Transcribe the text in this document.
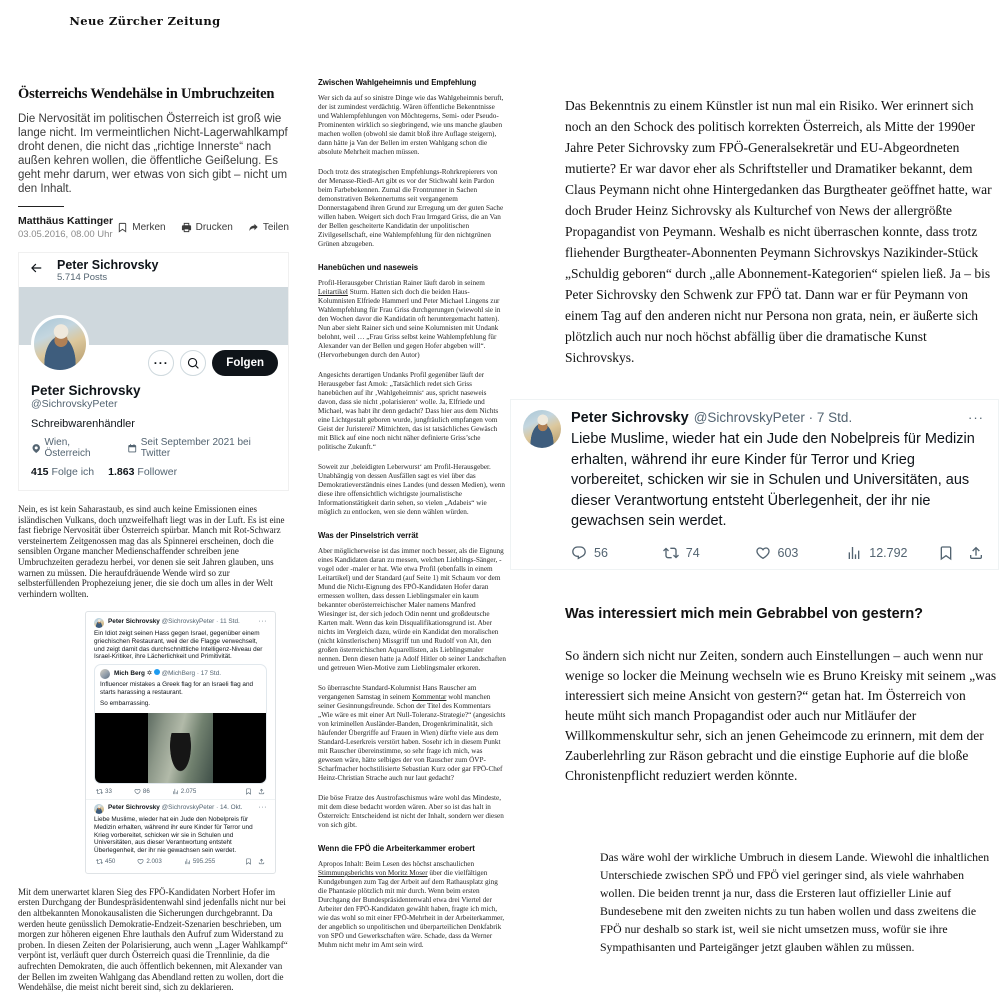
Neue Zürcher Zeitung
Österreichs Wendehälse in Umbruchzeiten

Die Nervosität im politischen Österreich ist groß wie lange nicht. Im vermeintlichen Nicht-Lagerwahlkampf droht denen, die nicht das „richtige Innerste“ nach außen kehren wollen, die öffentliche Geißelung. Es geht mehr darum, wer etwas von sich gibt – nicht um den Inhalt.

Matthäus Kattinger
03.05.2016, 08.00 Uhr
Merken	Drucken	Teilen
Peter Sichrovsky
5.714 Posts
···	Folgen
Peter Sichrovsky
@SichrovskyPeter
Schreibwarenhändler
Wien, Österreich
Seit September 2021 bei Twitter
415 Folge ich 1.863 Follower

Nein, es ist kein Saharastaub, es sind auch keine Emissionen eines isländischen Vulkans, doch unzweifelhaft liegt was in der Luft. Es ist eine fast fiebrige Nervosität über Österreich spürbar. Manch mit Rot-Schwarz versteinertem Zeitgenossen mag das als Spinnerei erscheinen, doch die sensiblen Organe mancher Medienschaffender schreiben jene Umbruchzeiten geradezu herbei, vor denen sie seit Jahren glauben, uns warnen zu müssen. Die heraufdräuende Wende wird so zur selbsterfüllenden Prophezeiung jener, die sie doch um alles in der Welt verhindern wollten.

Peter Sichrovsky @SichrovskyPeter · 11 Std.	···
Ein Idiot zeigt seinen Hass gegen Israel, gegenüber einem griechischen Restaurant, weil der die Flagge verwechselt, und zeigt damit das durchschnittliche Intelligenz-Niveau der Israel-Kritiker, ihre Lächerlichkeit und Primitivität.
Mich Berg ✡ @MichBerg · 17 Std.
Influencer mistakes a Greek flag for an Israeli flag and starts harassing a restaurant.
So embarrassing.
33	86	2.075
Peter Sichrovsky @SichrovskyPeter · 14. Okt. ···
Liebe Muslime, wieder hat ein Jude den Nobelpreis für Medizin erhalten, während ihr eure Kinder für Terror und Krieg vorbereitet, schicken wir sie in Schulen und Universitäten, aus dieser Verantwortung entsteht Überlegenheit, der ihr nie gewachsen sein werdet.
450	2.003	595.255

Mit dem unerwartet klaren Sieg des FPÖ-Kandidaten Norbert Hofer im ersten Durchgang der Bundespräsidentenwahl sind jedenfalls nicht nur bei den altbekannten Monokausalisten die Sicherungen durchgebrannt. Da werden heute genüsslich Demokratie-Endzeit-Szenarien beschrieben, um morgen zur höheren eigenen Ehre lauthals den Aufruf zum Widerstand zu proben. In diesen Zeiten der Polarisierung, auch wenn „Lager Wahlkampf“ verpönt ist, verläuft quer durch Österreich quasi die Trennlinie, da die aufrechten Demokraten, die auch öffentlich bekennen, mit Alexander van der Bellen im zweiten Wahlgang das Abendland retten zu wollen, dort die Wendehälse, die meist nicht bereit sind, sich zu deklarieren.

Zwischen Wahlgeheimnis und Empfehlung

Wer sich da auf so sinistre Dinge wie das Wahlgeheimnis beruft, der ist zumindest verdächtig. Wären öffentliche Bekenntnisse und Wahlempfehlungen von Möchtegerns, Semi- oder Pseudo-Prominenten wirklich so siegbringend, wie uns manche glauben machen wollen (obwohl sie damit bloß ihre Auflage steigern), dann hätte ja Van der Bellen im ersten Wahlgang schon die absolute Mehrheit machen müssen.

Doch trotz des strategischen Empfehlungs-Rohrkrepierers von der Menasse-Riedl-Art gibt es vor der Stichwahl kein Pardon beim Farbebekennen. Zumal die Frontrunner in Sachen demonstrativen Bekennertums seit vergangenem Donnerstagabend ihren Grund zur Erregung um der guten Sache willen haben. Weigert sich doch Frau Irmgard Griss, die an Van der Bellen gescheiterte Kandidatin der unpolitischen Zivilgesellschaft, eine Wahlempfehlung für den nichtgrünen Grünen abzugeben.

Hanebüchen und naseweis

Profil-Herausgeber Christian Rainer läuft darob in seinem Leitartikel Sturm. Hatten sich doch die beiden Haus-Kolumnisten Elfriede Hammerl und Peter Michael Lingens zur Wahlempfehlung für Frau Griss durchgerungen (wiewohl sie in den Wochen davor die Kandidatin oft heruntergemacht hatten). Nun aber sieht Rainer sich und seine Kolumnisten mit Undank belohnt, weil … „Frau Griss selbst keine Wahlempfehlung für Alexander van der Bellen und gegen Hofer abgeben will“. (Hervorhebungen durch den Autor)

Angesichts derartigen Undanks Profil gegenüber läuft der Herausgeber fast Amok: „Tatsächlich redet sich Griss hanebüchen auf ihr ‚Wahlgeheimnis‘ aus, spricht naseweis davon, dass sie nicht ‚polarisieren‘ wolle. Ja, Elfriede und Michael, was habt ihr denn gedacht? Dass hier aus dem Nichts eine Lichtgestalt geboren wurde, jungfräulich empfangen vom Geist der Juristerei? Mitnichten, das ist tatsächliches Gewäsch mit Blick auf eine noch nicht näher definierte Griss’sche politische Zukunft.“

Soweit zur ‚beleidigten Leberwurst‘ am Profil-Herausgeber. Unabhängig von dessen Ausfällen sagt es viel über das Demokratieverständnis eines Landes (und dessen Medien), wenn diese ihre offensichtlich wichtigste journalistische Informationstätigkeit darin sehen, so vielen „Adabeis“ wie möglich zu entlocken, wen sie denn wählen würden.

Was der Pinselstrich verrät

Aber möglicherweise ist das immer noch besser, als die Eignung eines Kandidaten daran zu messen, welchen Lieblings-Sänger, -vogel oder -maler er hat. Wie etwa Profil (ebenfalls in einem Leitartikel) und der Standard (auf Seite 1) mit Schaum vor dem Mund die Nicht-Eignung des FPÖ-Kandidaten Hofer daran ermessen wollten, dass dessen Lieblingsmaler ein kaum bekannter oberösterreichischer Maler namens Manfred Wiesinger ist, der sich jedoch Odin nennt und großdeutsche Karten malt. Wenn das kein Disqualifikationsgrund ist. Aber nichts im Vergleich dazu, würde ein Kandidat den moralischen (nicht künstlerischen) Missgriff tun und Rudolf von Alt, den großen österreichischen Aquarellisten, als Lieblingsmaler nennen. Denn diesen hatte ja Adolf Hitler ob seiner Landschaften und getreuen Wien-Motive zum Lieblingsmaler erkoren.

So überraschte Standard-Kolumnist Hans Rauscher am vergangenen Samstag in seinem Kommentar wohl manchen seiner Gesinnungsfreunde. Schon der Titel des Kommentars „Wie wäre es mit einer Art Null-Toleranz-Strategie?“ (angesichts von kriminellen Ausländer-Banden, Drogenkriminalität, sich häufender Übergriffe auf Frauen in Wien) dürfte viele aus dem Standard-Leserkreis verstört haben. Sosehr ich in diesem Punkt mit Rauscher übereinstimme, so sehr frage ich mich, was gewesen wäre, hätte selbiges der von Rauscher zum ÖVP-Scharfmacher hochstilisierte Sebastian Kurz oder gar FPÖ-Chef Heinz-Christian Strache auch nur laut gedacht?

Die böse Fratze des Austrofaschismus wäre wohl das Mindeste, mit dem diese bedacht worden wären. Aber so ist das halt in Österreich: Entscheidend ist nicht der Inhalt, sondern wer diesen von sich gibt.

Wenn die FPÖ die Arbeiterkammer erobert

Apropos Inhalt: Beim Lesen des höchst anschaulichen Stimmungsberichts von Moritz Moser über die vielfältigen Kundgebungen zum Tag der Arbeit auf dem Rathausplatz ging die Phantasie plötzlich mit mir durch. Wenn beim ersten Durchgang der Bundespräsidentenwahl etwa drei Viertel der Arbeiter den FPÖ-Kandidaten gewählt haben, fragte ich mich, wie das wohl so mit einer FPÖ-Mehrheit in der Arbeiterkammer, der angeblich so unpolitischen und überparteilichen Denkfabrik von SPÖ und Gewerkschaften wäre. Schade, dass da Werner Muhm nicht mehr im Amt sein wird.

Das Bekenntnis zu einem Künstler ist nun mal ein Risiko. Wer erinnert sich noch an den Schock des politisch korrekten Österreich, als Mitte der 1990er Jahre Peter Sichrovsky zum FPÖ-Generalsekretär und EU-Abgeordneten mutierte? Er war davor eher als Schriftsteller und Dramatiker bekannt, dem Claus Peymann nicht ohne Hintergedanken das Burgtheater geöffnet hatte, war doch Bruder Heinz Sichrovsky als Kulturchef von News der allergrößte Propagandist von Peymann. Weshalb es nicht überraschen konnte, dass trotz fliehender Burgtheater-Abonnenten Peymann Sichrovskys Nazikinder-Stück „Schuldig geboren“ durch „alle Abonnement-Kategorien“ spielen ließ. Ja – bis Peter Sichrovsky den Schwenk zur FPÖ tat. Dann war er für Peymann von einem Tag auf den anderen nicht nur Persona non grata, nein, er äußerte sich plötzlich auch nur noch höchst abfällig über die dramatische Kunst Sichrovskys.
Peter Sichrovsky @SichrovskyPeter · 7 Std.	···
Liebe Muslime, wieder hat ein Jude den Nobelpreis für Medizin erhalten, während ihr eure Kinder für Terror und Krieg vorbereitet, schicken wir sie in Schulen und Universitäten, aus dieser Verantwortung entsteht Überlegenheit, der ihr nie gewachsen sein werdet.
56	74	603	12.792
Was interessiert mich mein Gebrabbel von gestern?
So ändern sich nicht nur Zeiten, sondern auch Einstellungen – auch wenn nur wenige so locker die Meinung wechseln wie es Bruno Kreisky mit seinem „was interessiert sich meine Ansicht von gestern?“ getan hat. Im Österreich von heute müht sich manch Propagandist oder auch nur Mitläufer der Willkommenskultur sehr, sich an jenen Geheimcode zu erinnern, mit dem der Zauberlehrling zur Räson gebracht und die einstige Euphorie auf die bloße Chronistenpflicht reduziert werden könnte.
Das wäre wohl der wirkliche Umbruch in diesem Lande. Wiewohl die inhaltlichen Unterschiede zwischen SPÖ und FPÖ viel geringer sind, als viele wahrhaben wollen. Die beiden trennt ja nur, dass die Ersteren laut offizieller Linie auf Bundesebene mit den zweiten nichts zu tun haben wollen und dass zweitens die FPÖ nur deshalb so stark ist, weil sie nicht umsetzen muss, wofür sie ihre Sympathisanten und Parteigänger jetzt glauben wählen zu müssen.
